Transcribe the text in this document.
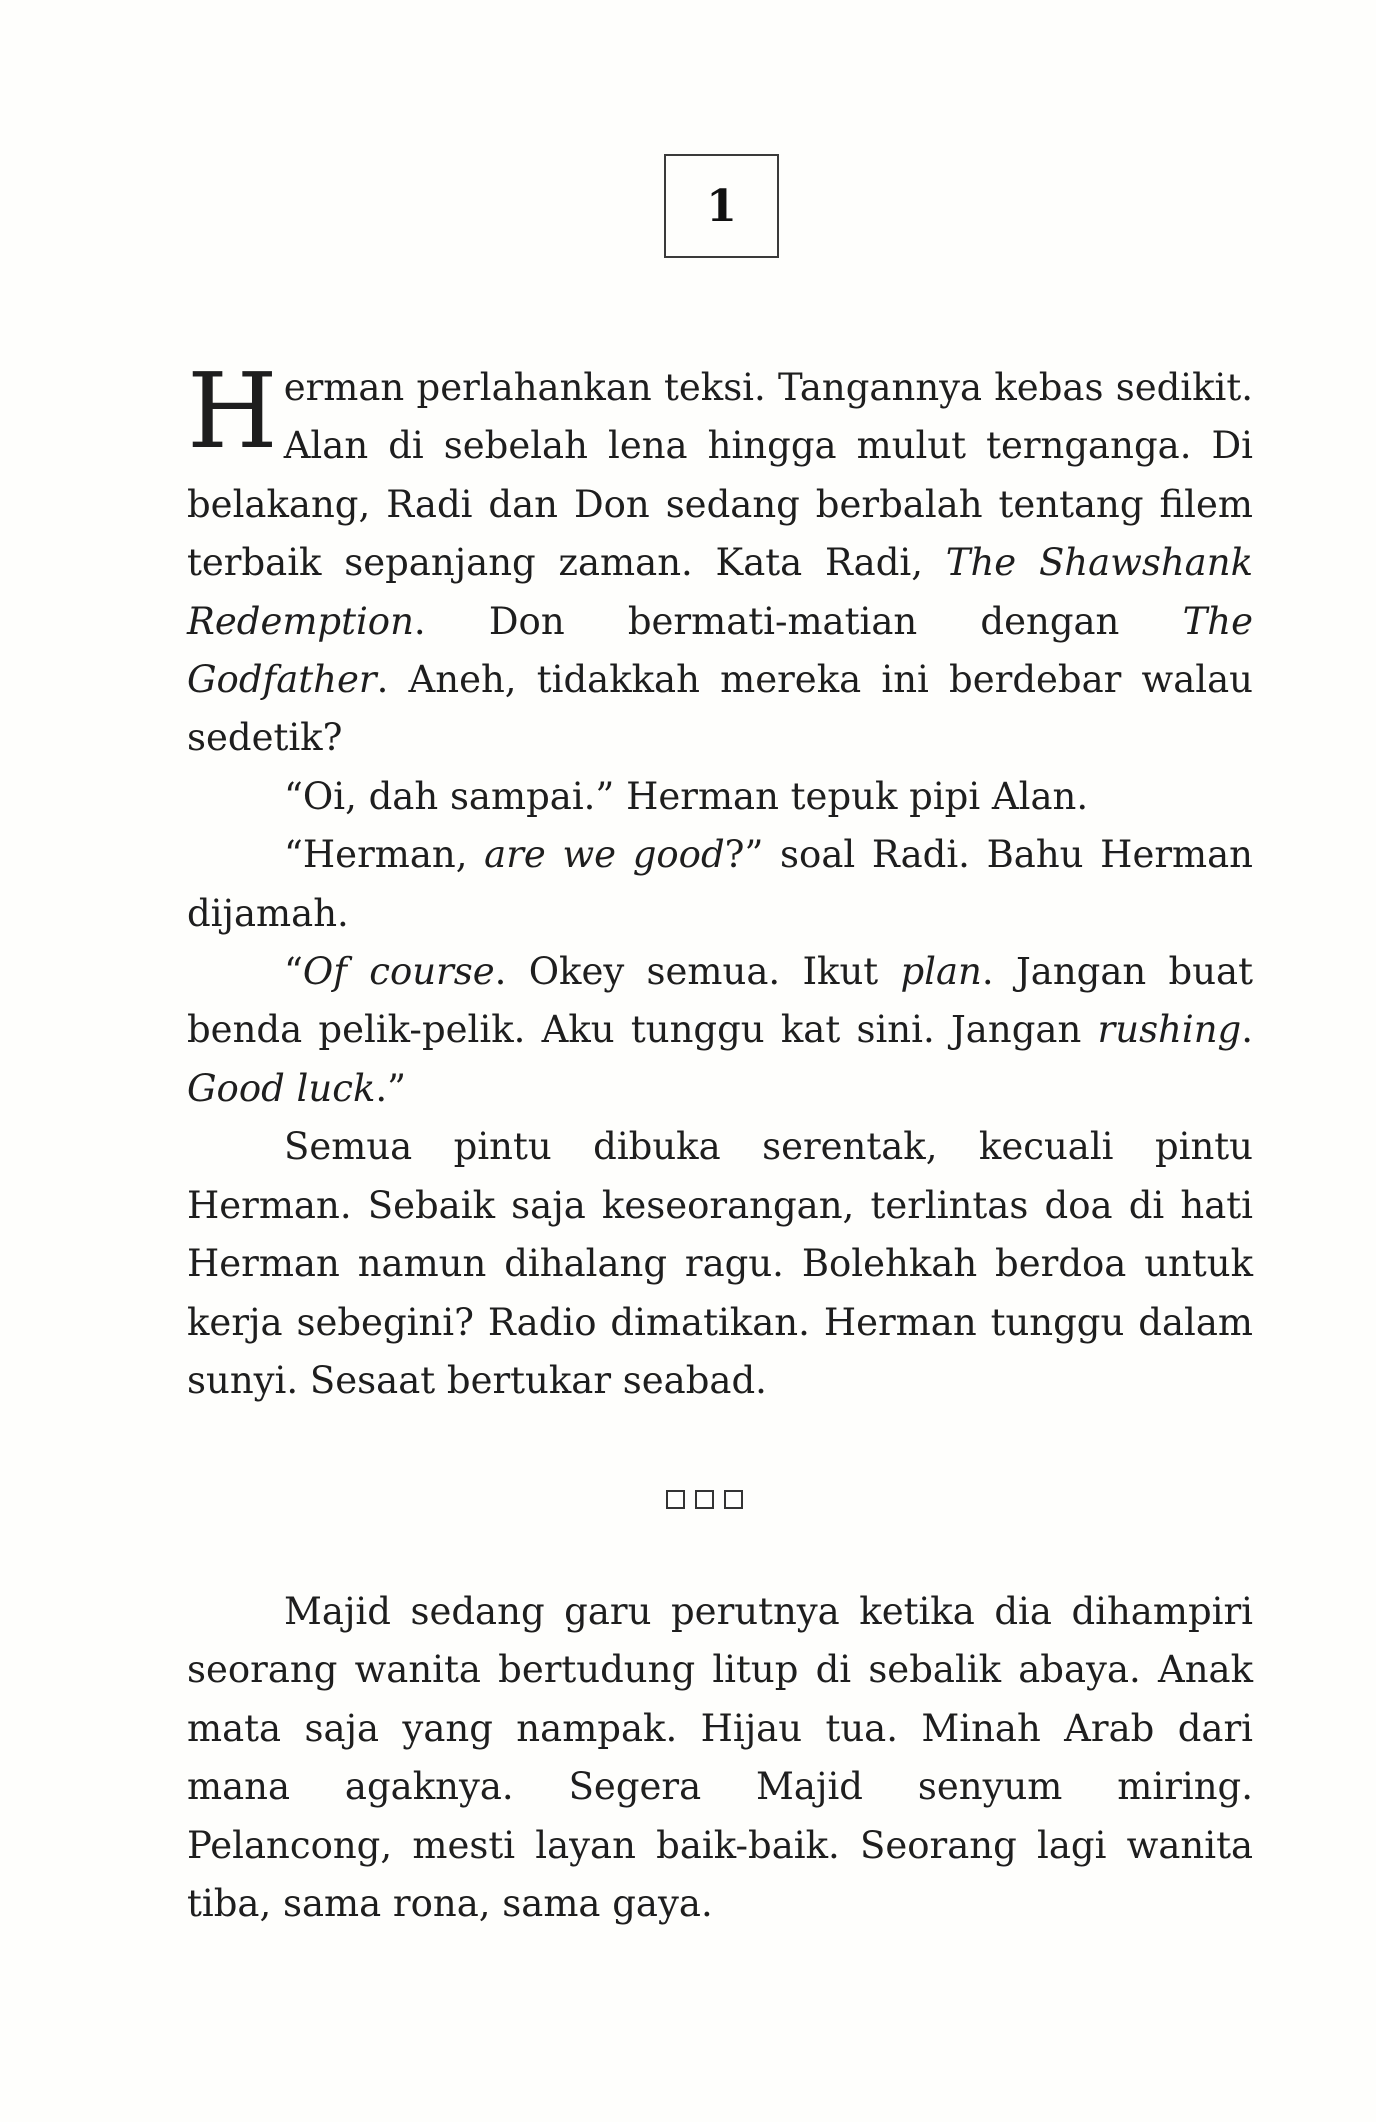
1

Herman perlahankan teksi. Tangannya kebas sedikit. Alan di sebelah lena hingga mulut ternganga. Di belakang, Radi dan Don sedang berbalah tentang filem terbaik sepanjang zaman. Kata Radi, The Shawshank Redemption. Don bermati-matian dengan The Godfather. Aneh, tidakkah mereka ini berdebar walau sedetik?

“Oi, dah sampai.” Herman tepuk pipi Alan.

“Herman, are we good?” soal Radi. Bahu Herman dijamah.

“Of course. Okey semua. Ikut plan. Jangan buat benda pelik-pelik. Aku tunggu kat sini. Jangan rushing. Good luck.”

Semua pintu dibuka serentak, kecuali pintu Herman. Sebaik saja keseorangan, terlintas doa di hati Herman namun dihalang ragu. Bolehkah berdoa untuk kerja sebegini? Radio dimatikan. Herman tunggu dalam sunyi. Sesaat bertukar seabad.

Majid sedang garu perutnya ketika dia dihampiri seorang wanita bertudung litup di sebalik abaya. Anak mata saja yang nampak. Hijau tua. Minah Arab dari mana agaknya. Segera Majid senyum miring. Pelancong, mesti layan baik-baik. Seorang lagi wanita tiba, sama rona, sama gaya.
